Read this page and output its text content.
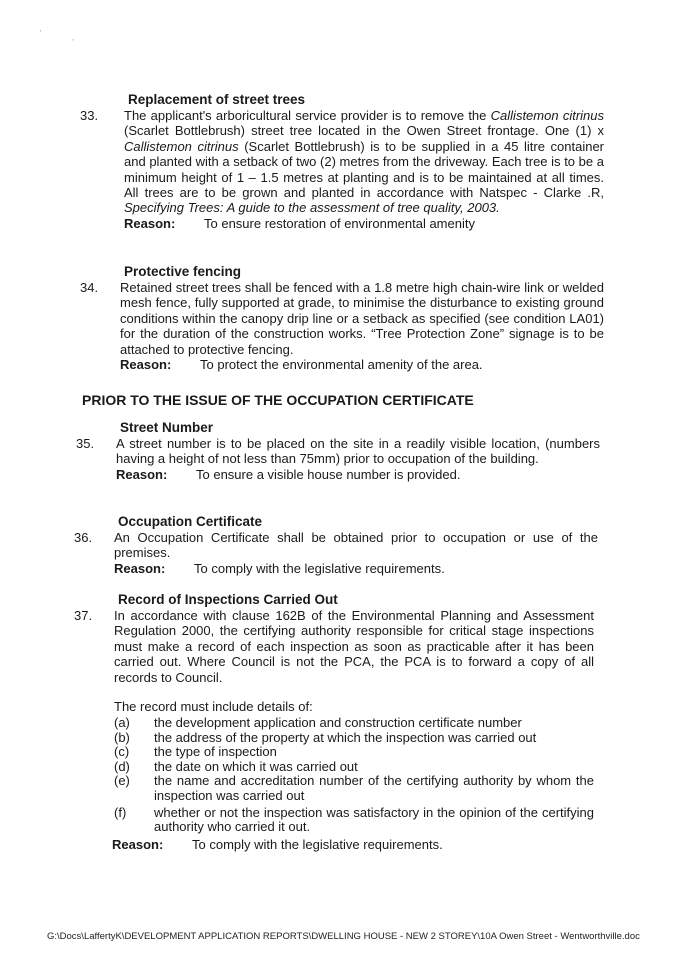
'
¸
Replacement of street trees
33.	The applicant's arboricultural service provider is to remove the Callistemon citrinus (Scarlet Bottlebrush) street tree located in the Owen Street frontage. One (1) x Callistemon citrinus (Scarlet Bottlebrush) is to be supplied in a 45 litre container and planted with a setback of two (2) metres from the driveway. Each tree is to be a minimum height of 1 – 1.5 metres at planting and is to be maintained at all times. All trees are to be grown and planted in accordance with Natspec - Clarke .R, Specifying Trees: A guide to the assessment of tree quality, 2003.
Reason:	To ensure restoration of environmental amenity
Protective fencing
34.	Retained street trees shall be fenced with a 1.8 metre high chain-wire link or welded mesh fence, fully supported at grade, to minimise the disturbance to existing ground conditions within the canopy drip line or a setback as specified (see condition LA01) for the duration of the construction works. “Tree Protection Zone” signage is to be attached to protective fencing.
Reason:	To protect the environmental amenity of the area.
PRIOR TO THE ISSUE OF THE OCCUPATION CERTIFICATE
Street Number
35.	A street number is to be placed on the site in a readily visible location, (numbers having a height of not less than 75mm) prior to occupation of the building.
Reason:	To ensure a visible house number is provided.
Occupation Certificate
36.	An Occupation Certificate shall be obtained prior to occupation or use of the premises.
Reason:	To comply with the legislative requirements.
Record of Inspections Carried Out
37.	In accordance with clause 162B of the Environmental Planning and Assessment Regulation 2000, the certifying authority responsible for critical stage inspections must make a record of each inspection as soon as practicable after it has been carried out. Where Council is not the PCA, the PCA is to forward a copy of all records to Council.
The record must include details of:
(a)	the development application and construction certificate number
(b)	the address of the property at which the inspection was carried out
(c)	the type of inspection
(d)	the date on which it was carried out
(e)	the name and accreditation number of the certifying authority by whom the inspection was carried out
(f)	whether or not the inspection was satisfactory in the opinion of the certifying authority who carried it out.
Reason:	To comply with the legislative requirements.
G:\Docs\LaffertyK\DEVELOPMENT APPLICATION REPORTS\DWELLING HOUSE - NEW 2 STOREY\10A Owen Street - Wentworthville.doc
